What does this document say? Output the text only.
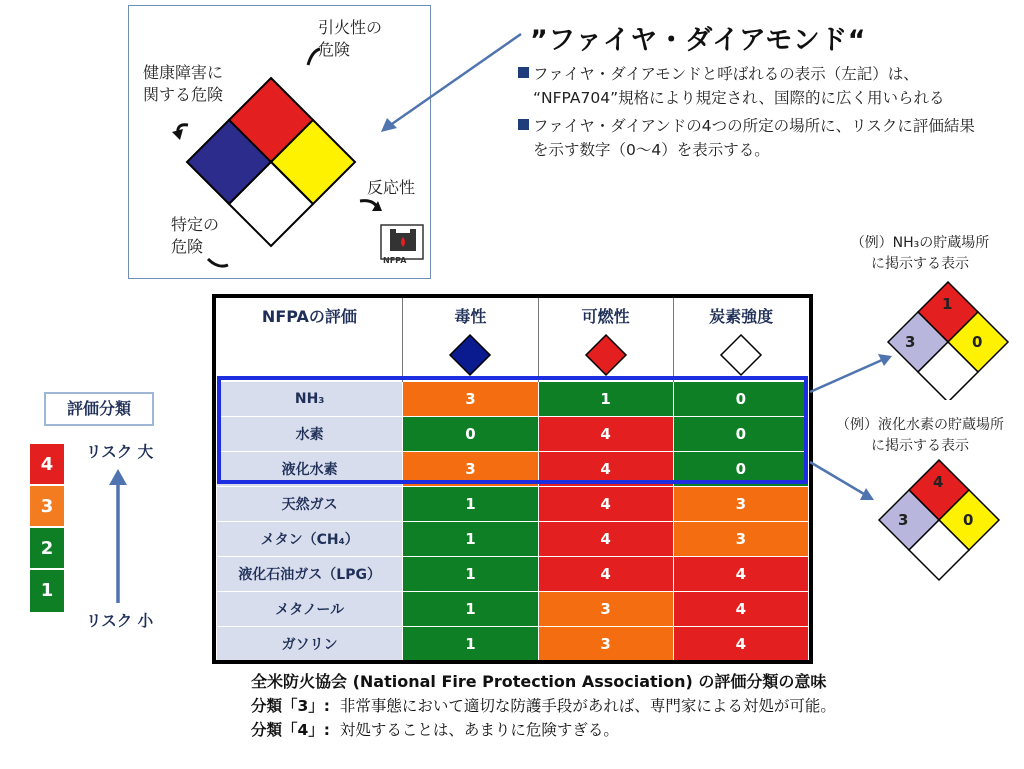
引火性の
危険
健康障害に
関する危険
反応性
特定の
危険
NFPA
”ファイヤ・ダイアモンド“
ファイヤ・ダイアモンドと呼ばれるの表示（左記）は、
“NFPA704”規格により規定され、国際的に広く用いられる
ファイヤ・ダイアンドの4つの所定の場所に、リスクに評価結果
を示す数字（0～4）を表示する。
評価分類
4
3
2
1
リスク 大
リスク 小
NFPAの評価	毒性	可燃性	炭素強度

NH₃	3	1	0
水素	0	4	0
液化水素	3	4	0
天然ガス	1	4	3
メタン（CH₄）	1	4	3
液化石油ガス（LPG）	1	4	4
メタノール	1	3	4
ガソリン	1	3	4
（例）NH₃の貯蔵場所
に掲示する表示
1
3	0
（例）液化水素の貯蔵場所
に掲示する表示
4
3	0
全米防火協会 (National Fire Protection Association) の評価分類の意味
分類「3」: 非常事態において適切な防護手段があれば、専門家による対処が可能。
分類「4」: 対処することは、あまりに危険すぎる。
